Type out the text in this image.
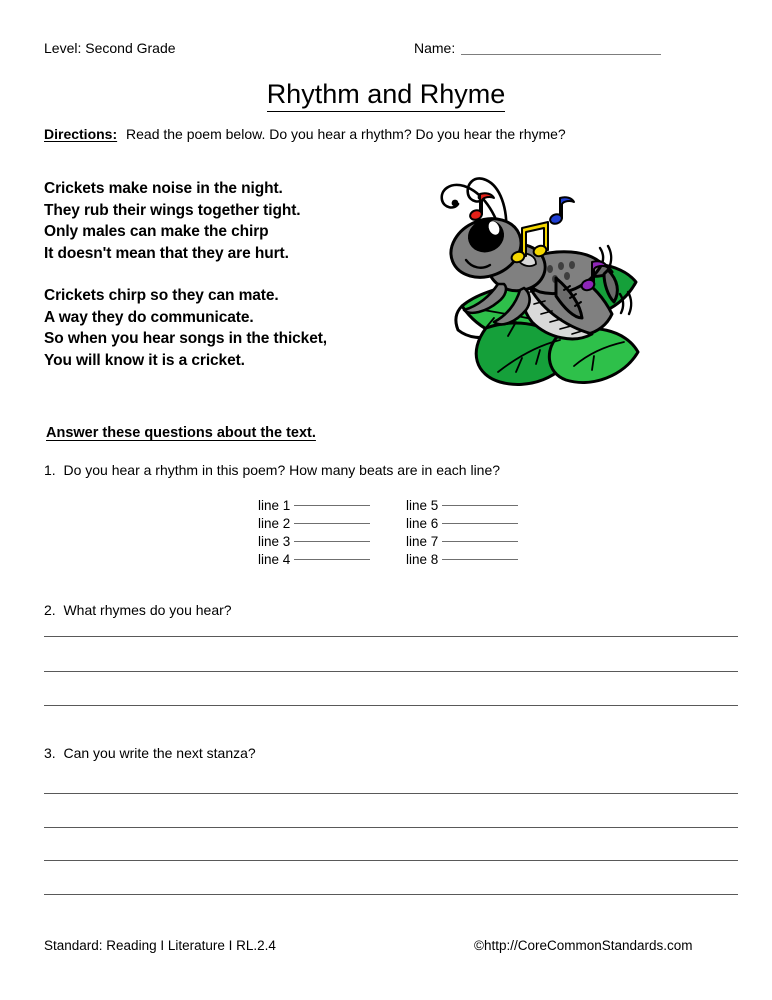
Level: Second Grade	Name:
Rhythm and Rhyme
Directions: Read the poem below. Do you hear a rhythm? Do you hear the rhyme?
Crickets make noise in the night.
They rub their wings together tight.
Only males can make the chirp
It doesn't mean that they are hurt.
Crickets chirp so they can mate.
A way they do communicate.
So when you hear songs in the thicket,
You will know it is a cricket.
Answer these questions about the text.
1. Do you hear a rhythm in this poem? How many beats are in each line?
line 1	line 5
line 2	line 6
line 3	line 7
line 4	line 8
2. What rhymes do you hear?
3. Can you write the next stanza?
Standard: Reading I Literature I RL.2.4	©http://CoreCommonStandards.com
